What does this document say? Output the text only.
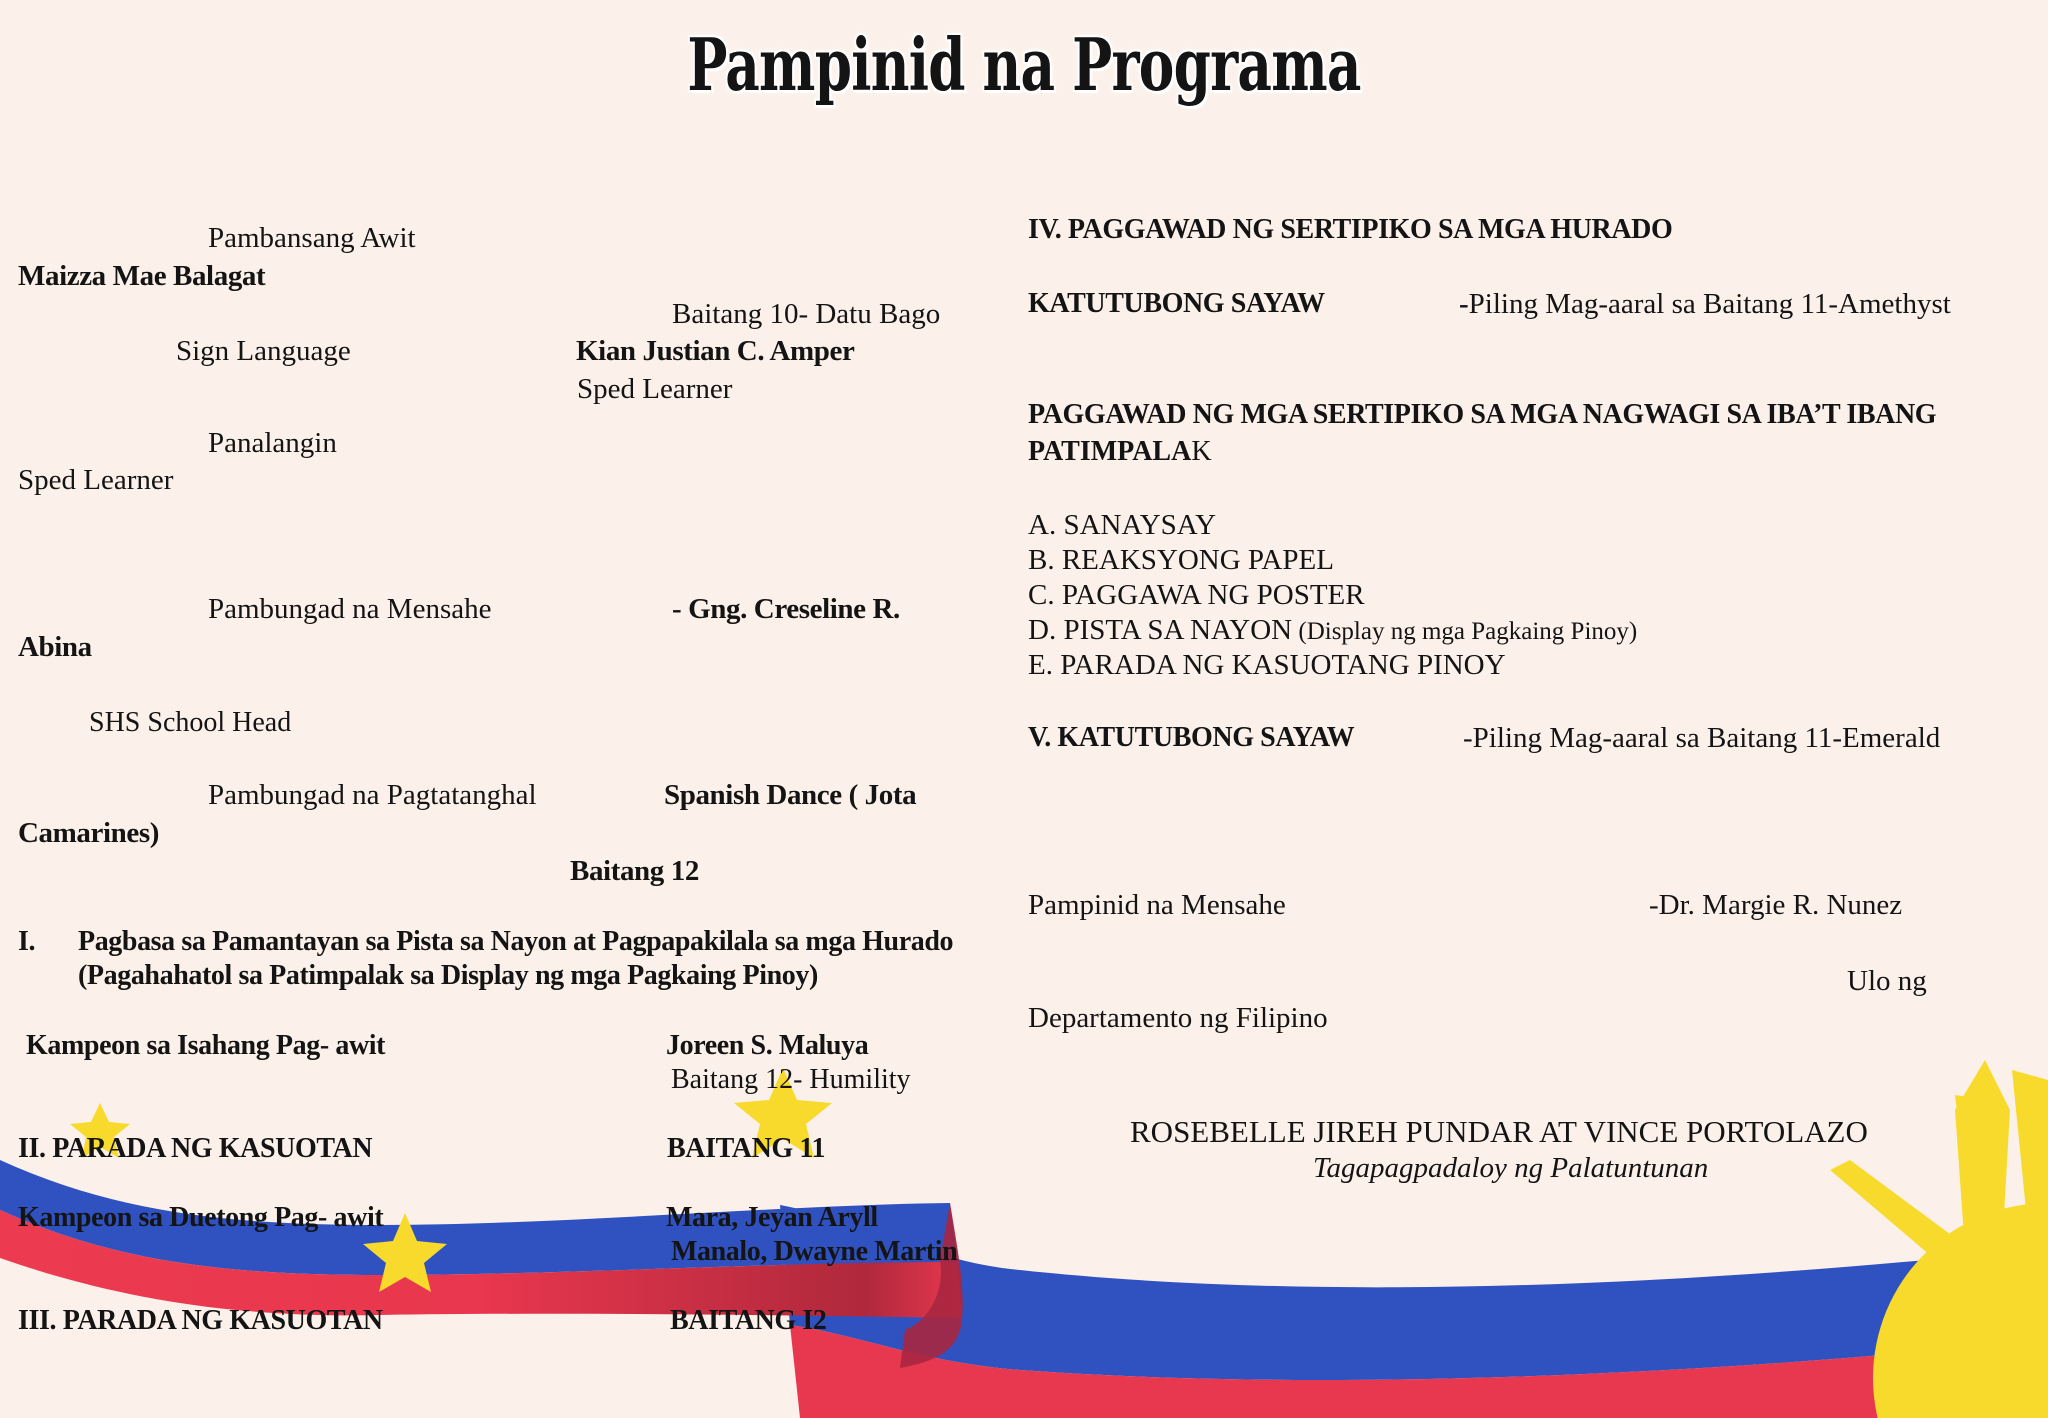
Pampinid na Programa
Pambansang Awit
Maizza Mae Balagat
Baitang 10- Datu Bago
Sign Language	Kian Justian C. Amper
Sped Learner
Panalangin
Sped Learner
Pambungad na Mensahe	- Gng. Creseline R.
Abina
SHS School Head
Pambungad na Pagtatanghal	Spanish Dance ( Jota
Camarines)
Baitang 12
I. Pagbasa sa Pamantayan sa Pista sa Nayon at Pagpapakilala sa mga Hurado
(Pagahahatol sa Patimpalak sa Display ng mga Pagkaing Pinoy)
Kampeon sa Isahang Pag- awit	Joreen S. Maluya
Baitang 12- Humility
II. PARADA NG KASUOTAN	BAITANG 11
Kampeon sa Duetong Pag- awit	Mara, Jeyan Aryll
Manalo, Dwayne Martin
III. PARADA NG KASUOTAN	BAITANG I2
IV. PAGGAWAD NG SERTIPIKO SA MGA HURADO
KATUTUBONG SAYAW	-Piling Mag-aaral sa Baitang 11-Amethyst
PAGGAWAD NG MGA SERTIPIKO SA MGA NAGWAGI SA IBA’T IBANG
PATIMPALAK
A. SANAYSAY
B. REAKSYONG PAPEL
C. PAGGAWA NG POSTER
D. PISTA SA NAYON (Display ng mga Pagkaing Pinoy)
E. PARADA NG KASUOTANG PINOY
V. KATUTUBONG SAYAW	-Piling Mag-aaral sa Baitang 11-Emerald
Pampinid na Mensahe	-Dr. Margie R. Nunez
Ulo ng
Departamento ng Filipino
ROSEBELLE JIREH PUNDAR AT VINCE PORTOLAZO
Tagapagpadaloy ng Palatuntunan
